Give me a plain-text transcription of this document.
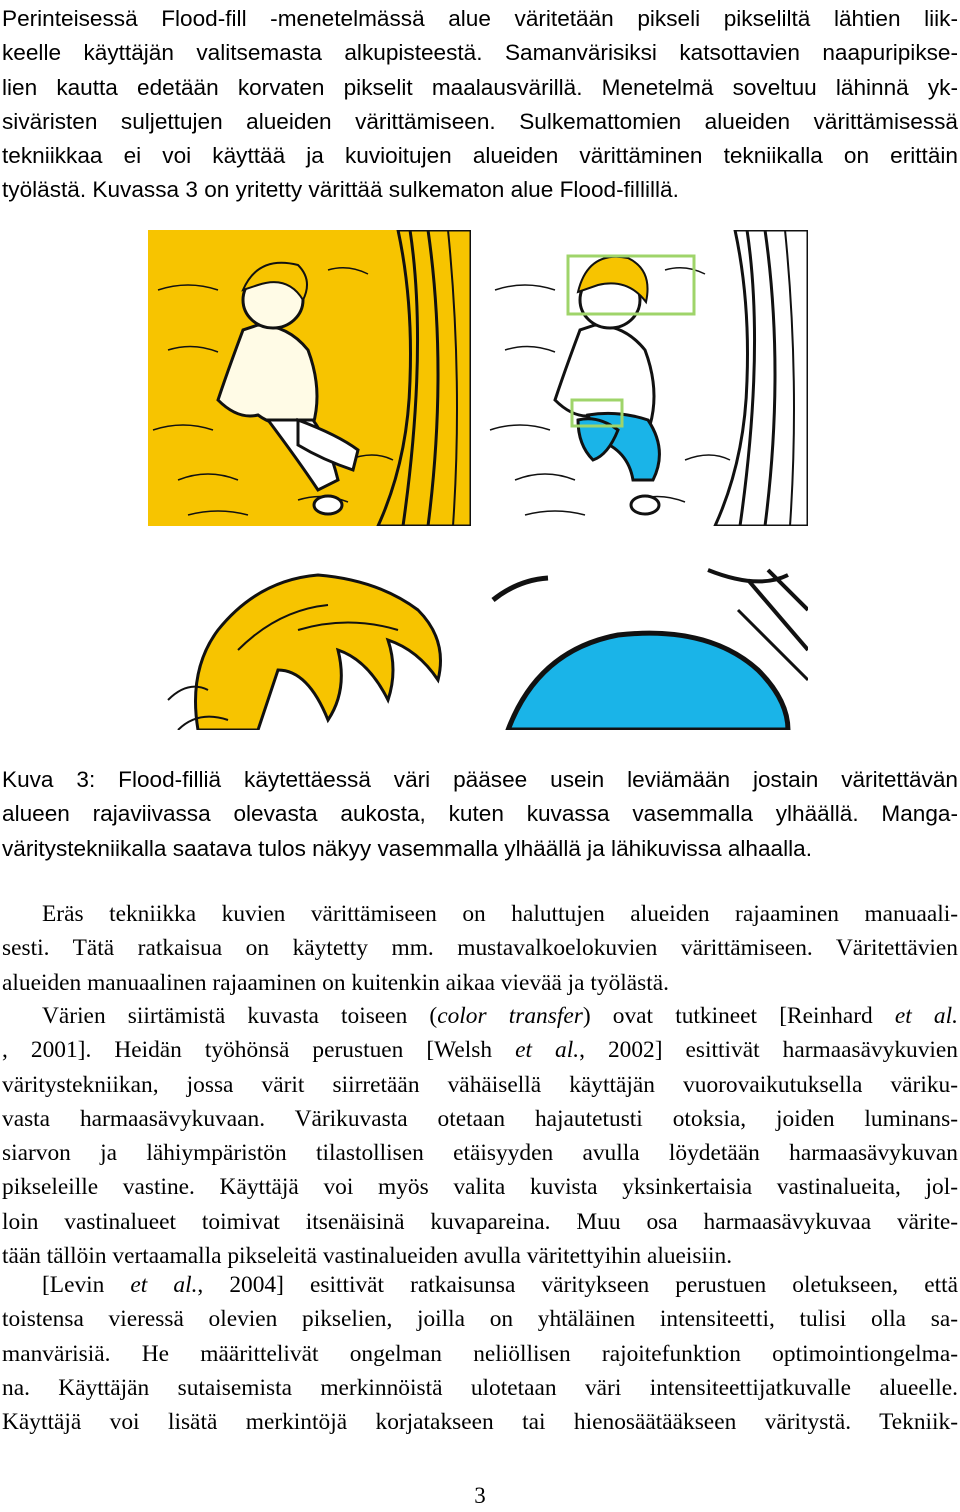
Perinteisessä Flood-fill -menetelmässä alue väritetään pikseli pikseliltä lähtien liik-
keelle käyttäjän valitsemasta alkupisteestä. Samanvärisiksi katsottavien naapuripikse-
lien kautta edetään korvaten pikselit maalausvärillä. Menetelmä soveltuu lähinnä yk-
siväristen suljettujen alueiden värittämiseen. Sulkemattomien alueiden värittämisessä
tekniikkaa ei voi käyttää ja kuvioitujen alueiden värittäminen tekniikalla on erittäin
työlästä. Kuvassa 3 on yritetty värittää sulkematon alue Flood-fillillä.
Kuva 3: Flood-filliä käytettäessä väri pääsee usein leviämään jostain väritettävän
alueen rajaviivassa olevasta aukosta, kuten kuvassa vasemmalla ylhäällä. Manga-
väritystekniikalla saatava tulos näkyy vasemmalla ylhäällä ja lähikuvissa alhaalla.
Eräs tekniikka kuvien värittämiseen on haluttujen alueiden rajaaminen manuaali-
sesti. Tätä ratkaisua on käytetty mm. mustavalkoelokuvien värittämiseen. Väritettävien
alueiden manuaalinen rajaaminen on kuitenkin aikaa vievää ja työlästä.
Värien siirtämistä kuvasta toiseen (color transfer) ovat tutkineet [Reinhard et al.
, 2001]. Heidän työhönsä perustuen [Welsh et al., 2002] esittivät harmaasävykuvien
väritystekniikan, jossa värit siirretään vähäisellä käyttäjän vuorovaikutuksella väriku-
vasta harmaasävykuvaan. Värikuvasta otetaan hajautetusti otoksia, joiden luminans-
siarvon ja lähiympäristön tilastollisen etäisyyden avulla löydetään harmaasävykuvan
pikseleille vastine. Käyttäjä voi myös valita kuvista yksinkertaisia vastinalueita, jol-
loin vastinalueet toimivat itsenäisinä kuvapareina. Muu osa harmaasävykuvaa värite-
tään tällöin vertaamalla pikseleitä vastinalueiden avulla väritettyihin alueisiin.
[Levin et al., 2004] esittivät ratkaisunsa väritykseen perustuen oletukseen, että
toistensa vieressä olevien pikselien, joilla on yhtäläinen intensiteetti, tulisi olla sa-
manvärisiä. He määrittelivät ongelman neliöllisen rajoitefunktion optimointiongelma-
na. Käyttäjän sutaisemista merkinnöistä ulotetaan väri intensiteettijatkuvalle alueelle.
Käyttäjä voi lisätä merkintöjä korjatakseen tai hienosäätääkseen väritystä. Tekniik-
3
